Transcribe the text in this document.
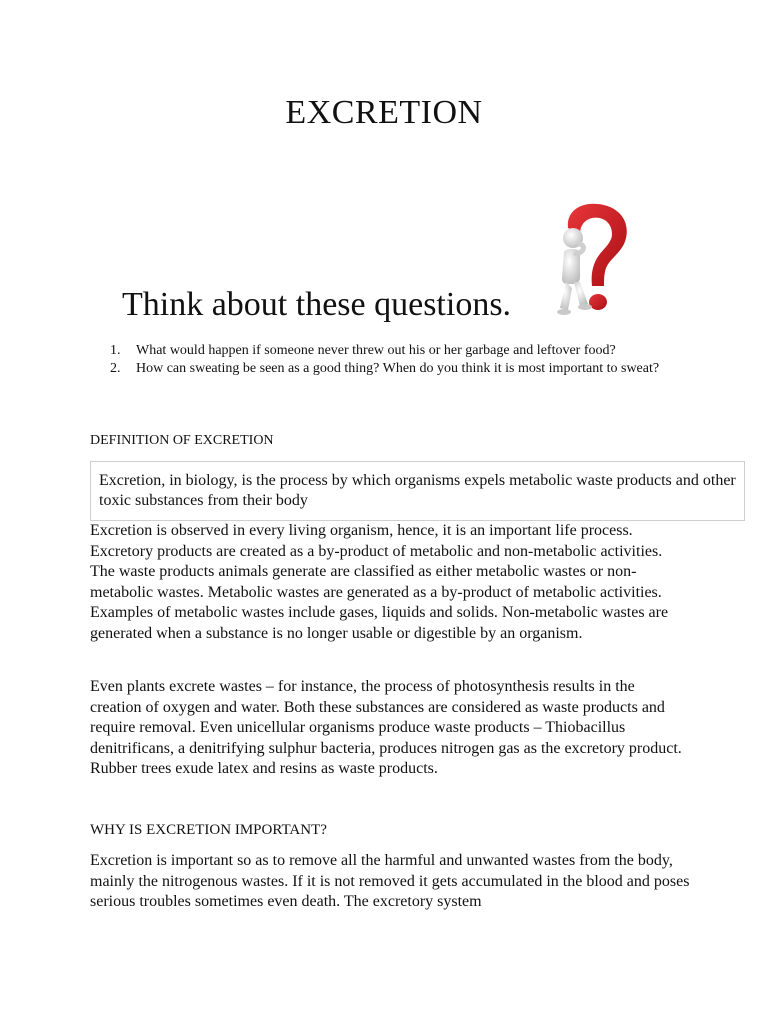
EXCRETION
Think about these questions.
1. What would happen if someone never threw out his or her garbage and leftover food?
2. How can sweating be seen as a good thing? When do you think it is most important to sweat?
DEFINITION OF EXCRETION
Excretion, in biology, is the process by which organisms expels metabolic waste products and other toxic substances from their body

Excretion is observed in every living organism, hence, it is an important life process. Excretory products are created as a by-product of metabolic and non-metabolic activities. The waste products animals generate are classified as either metabolic wastes or non-metabolic wastes. Metabolic wastes are generated as a by-product of metabolic activities. Examples of metabolic wastes include gases, liquids and solids. Non-metabolic wastes are generated when a substance is no longer usable or digestible by an organism.

Even plants excrete wastes – for instance, the process of photosynthesis results in the creation of oxygen and water. Both these substances are considered as waste products and require removal. Even unicellular organisms produce waste products – Thiobacillus denitrificans, a denitrifying sulphur bacteria, produces nitrogen gas as the excretory product. Rubber trees exude latex and resins as waste products.

WHY IS EXCRETION IMPORTANT?

Excretion is important so as to remove all the harmful and unwanted wastes from the body, mainly the nitrogenous wastes. If it is not removed it gets accumulated in the blood and poses serious troubles sometimes even death. The excretory system
